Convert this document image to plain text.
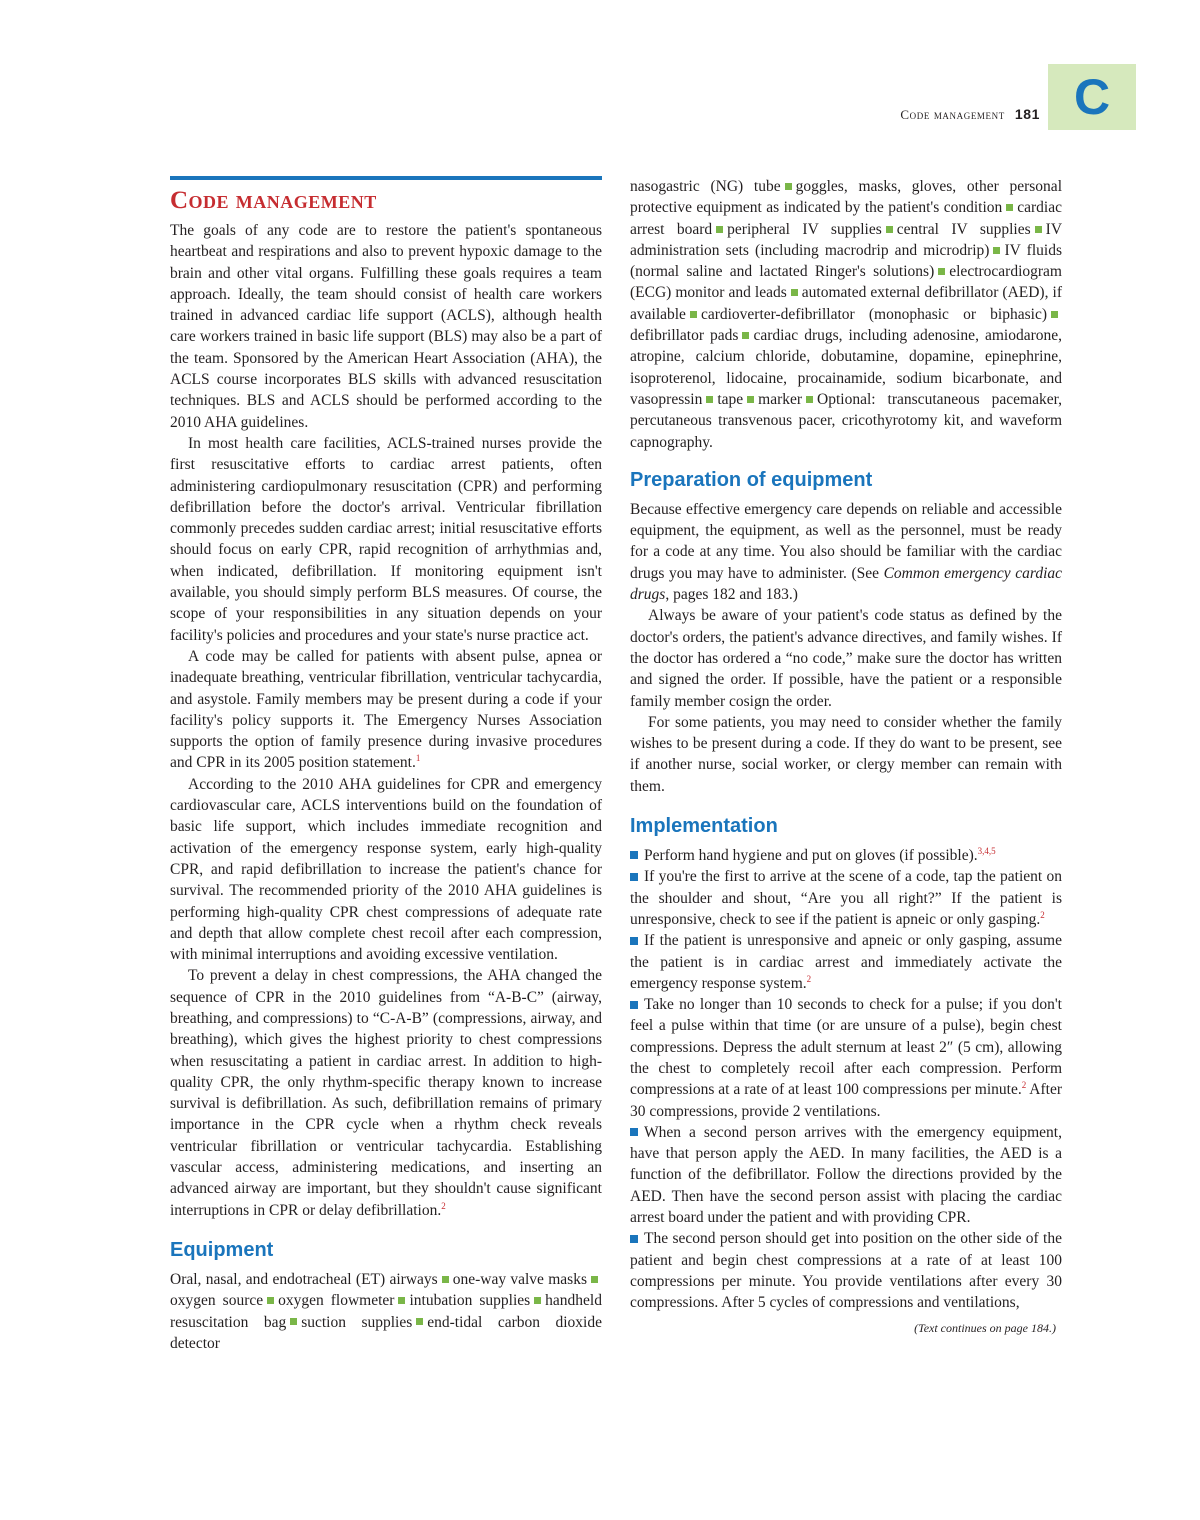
Code management 181 C
Code management

The goals of any code are to restore the patient's spontaneous heartbeat and respirations and also to prevent hypoxic damage to the brain and other vital organs. Fulfilling these goals requires a team approach. Ideally, the team should consist of health care workers trained in advanced cardiac life support (ACLS), although health care workers trained in basic life support (BLS) may also be a part of the team. Sponsored by the American Heart Association (AHA), the ACLS course incorporates BLS skills with advanced resuscitation techniques. BLS and ACLS should be performed according to the 2010 AHA guidelines.

In most health care facilities, ACLS-trained nurses provide the first resuscitative efforts to cardiac arrest patients, often administering cardiopulmonary resuscitation (CPR) and performing defibrillation before the doctor's arrival. Ventricular fibrillation commonly precedes sudden cardiac arrest; initial resuscitative efforts should focus on early CPR, rapid recognition of arrhythmias and, when indicated, defibrillation. If monitoring equipment isn't available, you should simply perform BLS measures. Of course, the scope of your responsibilities in any situation depends on your facility's policies and procedures and your state's nurse practice act.

A code may be called for patients with absent pulse, apnea or inadequate breathing, ventricular fibrillation, ventricular tachycardia, and asystole. Family members may be present during a code if your facility's policy supports it. The Emergency Nurses Association supports the option of family presence during invasive procedures and CPR in its 2005 position statement.$^1$

According to the 2010 AHA guidelines for CPR and emergency cardiovascular care, ACLS interventions build on the foundation of basic life support, which includes immediate recognition and activation of the emergency response system, early high-quality CPR, and rapid defibrillation to increase the patient's chance for survival. The recommended priority of the 2010 AHA guidelines is performing high-quality CPR chest compressions of adequate rate and depth that allow complete chest recoil after each compression, with minimal interruptions and avoiding excessive ventilation.

To prevent a delay in chest compressions, the AHA changed the sequence of CPR in the 2010 guidelines from “A-B-C” (airway, breathing, and compressions) to “C-A-B” (compressions, airway, and breathing), which gives the highest priority to chest compressions when resuscitating a patient in cardiac arrest. In addition to high-quality CPR, the only rhythm-specific therapy known to increase survival is defibrillation. As such, defibrillation remains of primary importance in the CPR cycle when a rhythm check reveals ventricular fibrillation or ventricular tachycardia. Establishing vascular access, administering medications, and inserting an advanced airway are important, but they shouldn't cause significant interruptions in CPR or delay defibrillation.$^2$

Equipment

Oral, nasal, and endotracheal (ET) airways one-way valve masksoxygen source oxygen flowmeter intubation supplies handheld resuscitation bag suction supplies end-tidal carbon dioxide detector

nasogastric (NG) tube goggles, masks, gloves, other personal protective equipment as indicated by the patient's condition cardiac arrest board peripheral IV supplies central IV supplies IV administration sets (including macrodrip and microdrip) IV fluids (normal saline and lactated Ringer's solutions) electrocardiogram (ECG) monitor and leads automated external defibrillator (AED), if available cardioverter-defibrillator (monophasic or biphasic)defibrillator pads cardiac drugs, including adenosine, amiodarone, atropine, calcium chloride, dobutamine, dopamine, epinephrine, isoproterenol, lidocaine, procainamide, sodium bicarbonate, and vasopressin tape marker Optional: transcutaneous pacemaker, percutaneous transvenous pacer, cricothyrotomy kit, and waveform capnography.

Preparation of equipment

Because effective emergency care depends on reliable and accessible equipment, the equipment, as well as the personnel, must be ready for a code at any time. You also should be familiar with the cardiac drugs you may have to administer. (See Common emergency cardiac drugs, pages 182 and 183.)

Always be aware of your patient's code status as defined by the doctor's orders, the patient's advance directives, and family wishes. If the doctor has ordered a “no code,” make sure the doctor has written and signed the order. If possible, have the patient or a responsible family member cosign the order.

For some patients, you may need to consider whether the family wishes to be present during a code. If they do want to be present, see if another nurse, social worker, or clergy member can remain with them.

Implementation

Perform hand hygiene and put on gloves (if possible).$^{3,4,5}$

If you're the first to arrive at the scene of a code, tap the patient on the shoulder and shout, “Are you all right?” If the patient is unresponsive, check to see if the patient is apneic or only gasping.$^2$

If the patient is unresponsive and apneic or only gasping, assume the patient is in cardiac arrest and immediately activate the emergency response system.$^2$

Take no longer than 10 seconds to check for a pulse; if you don't feel a pulse within that time (or are unsure of a pulse), begin chest compressions. Depress the adult sternum at least 2″ (5 cm), allowing the chest to completely recoil after each compression. Perform compressions at a rate of at least 100 compressions per minute.$^2$ After 30 compressions, provide 2 ventilations.

When a second person arrives with the emergency equipment, have that person apply the AED. In many facilities, the AED is a function of the defibrillator. Follow the directions provided by the AED. Then have the second person assist with placing the cardiac arrest board under the patient and with providing CPR.

The second person should get into position on the other side of the patient and begin chest compressions at a rate of at least 100 compressions per minute. You provide ventilations after every 30 compressions. After 5 cycles of compressions and ventilations,

(Text continues on page 184.)
